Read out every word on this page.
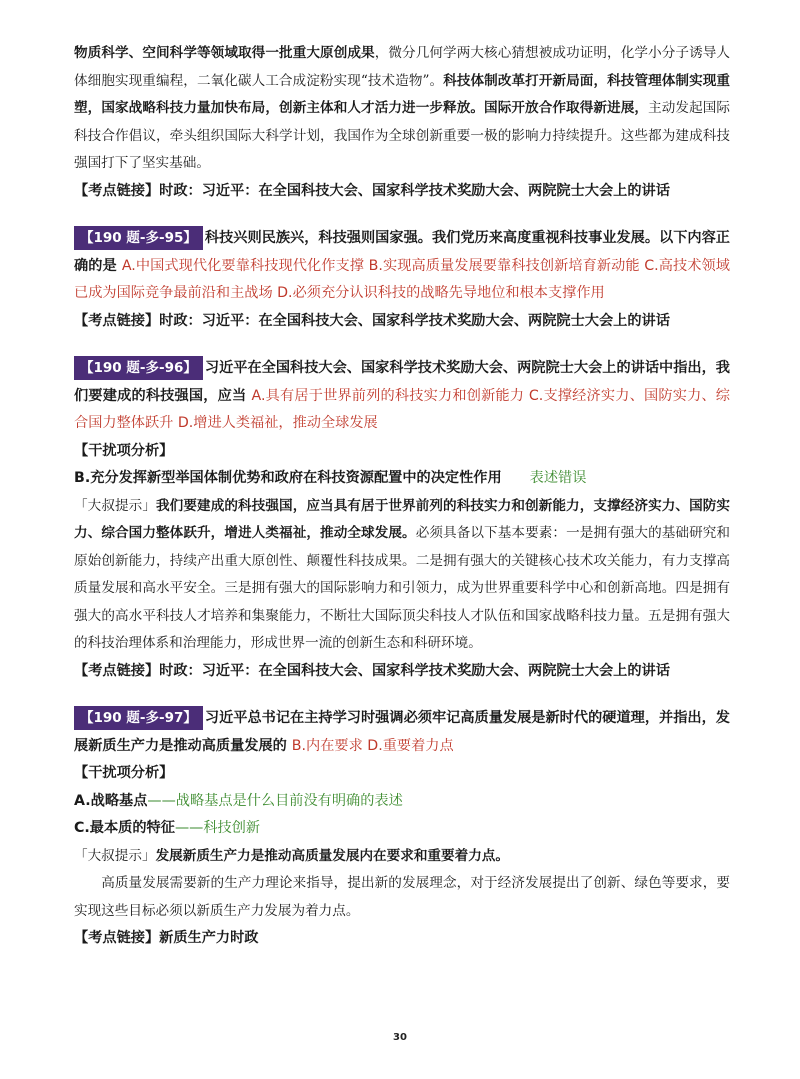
物质科学、空间科学等领域取得一批重大原创成果，微分几何学两大核心猜想被成功证明，化学小分子诱导人体细胞实现重编程，二氧化碳人工合成淀粉实现“技术造物”。科技体制改革打开新局面，科技管理体制实现重塑，国家战略科技力量加快布局，创新主体和人才活力进一步释放。国际开放合作取得新进展，主动发起国际科技合作倡议，牵头组织国际大科学计划，我国作为全球创新重要一极的影响力持续提升。这些都为建成科技强国打下了坚实基础。

【考点链接】时政：习近平：在全国科技大会、国家科学技术奖励大会、两院院士大会上的讲话

【190 题-多-95】 科技兴则民族兴，科技强则国家强。我们党历来高度重视科技事业发展。以下内容正确的是 A.中国式现代化要靠科技现代化作支撑 B.实现高质量发展要靠科技创新培育新动能 C.高技术领域已成为国际竞争最前沿和主战场 D.必须充分认识科技的战略先导地位和根本支撑作用

【考点链接】时政：习近平：在全国科技大会、国家科学技术奖励大会、两院院士大会上的讲话

【190 题-多-96】 习近平在全国科技大会、国家科学技术奖励大会、两院院士大会上的讲话中指出，我们要建成的科技强国，应当 A.具有居于世界前列的科技实力和创新能力 C.支撑经济实力、国防实力、综合国力整体跃升 D.增进人类福祉，推动全球发展

【干扰项分析】

B.充分发挥新型举国体制优势和政府在科技资源配置中的决定性作用 表述错误

「大叔提示」我们要建成的科技强国，应当具有居于世界前列的科技实力和创新能力，支撑经济实力、国防实力、综合国力整体跃升，增进人类福祉，推动全球发展。必须具备以下基本要素：一是拥有强大的基础研究和原始创新能力，持续产出重大原创性、颠覆性科技成果。二是拥有强大的关键核心技术攻关能力，有力支撑高质量发展和高水平安全。三是拥有强大的国际影响力和引领力，成为世界重要科学中心和创新高地。四是拥有强大的高水平科技人才培养和集聚能力，不断壮大国际顶尖科技人才队伍和国家战略科技力量。五是拥有强大的科技治理体系和治理能力，形成世界一流的创新生态和科研环境。

【考点链接】时政：习近平：在全国科技大会、国家科学技术奖励大会、两院院士大会上的讲话

【190 题-多-97】 习近平总书记在主持学习时强调必须牢记高质量发展是新时代的硬道理，并指出，发展新质生产力是推动高质量发展的 B.内在要求 D.重要着力点

【干扰项分析】

A.战略基点——战略基点是什么目前没有明确的表述

C.最本质的特征——科技创新

「大叔提示」发展新质生产力是推动高质量发展内在要求和重要着力点。

高质量发展需要新的生产力理论来指导，提出新的发展理念，对于经济发展提出了创新、绿色等要求，要实现这些目标必须以新质生产力发展为着力点。

【考点链接】新质生产力时政

30
